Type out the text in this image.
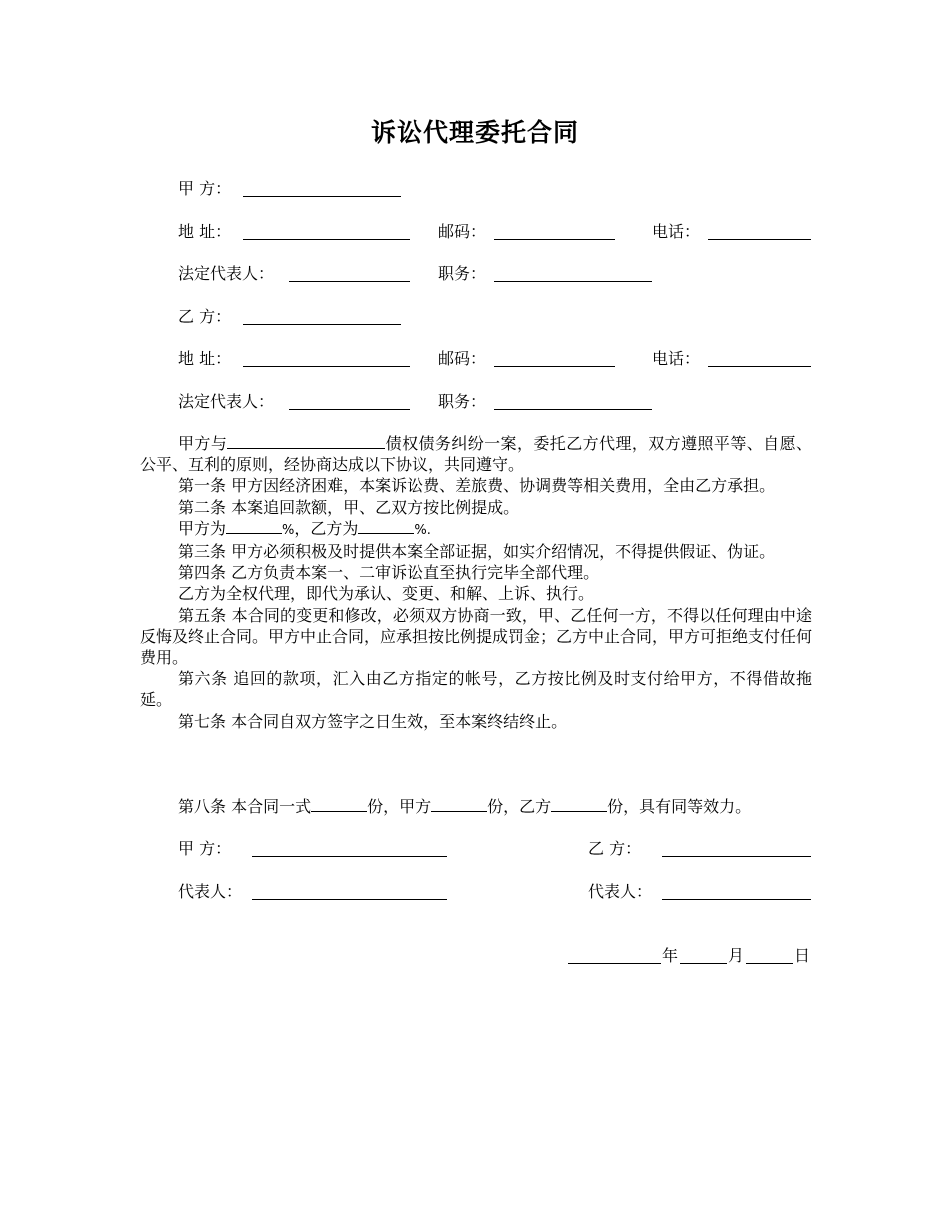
诉讼代理委托合同
甲 方：
地 址：	邮码：	电话：
法定代表人：	职务：
乙 方：
地 址：	邮码：	电话：
法定代表人：	职务：

甲方与	债权债务纠纷一案，委托乙方代理，双方遵照平等、自愿、公平、互利的原则，经协商达成以下协议，共同遵守。

第一条 甲方因经济困难，本案诉讼费、差旅费、协调费等相关费用，全由乙方承担。

第二条 本案追回款额，甲、乙双方按比例提成。

甲方为	%，乙方为	%.

第三条 甲方必须积极及时提供本案全部证据，如实介绍情况，不得提供假证、伪证。

第四条 乙方负责本案一、二审诉讼直至执行完毕全部代理。

乙方为全权代理，即代为承认、变更、和解、上诉、执行。

第五条 本合同的变更和修改，必须双方协商一致，甲、乙任何一方，不得以任何理由中途反悔及终止合同。甲方中止合同，应承担按比例提成罚金；乙方中止合同，甲方可拒绝支付任何费用。

第六条 追回的款项，汇入由乙方指定的帐号，乙方按比例及时支付给甲方，不得借故拖延。

第七条 本合同自双方签字之日生效，至本案终结终止。

第八条 本合同一式	份，甲方	份，乙方	份，具有同等效力。
甲 方：	乙 方：
代表人：	代表人：
年	月	日
